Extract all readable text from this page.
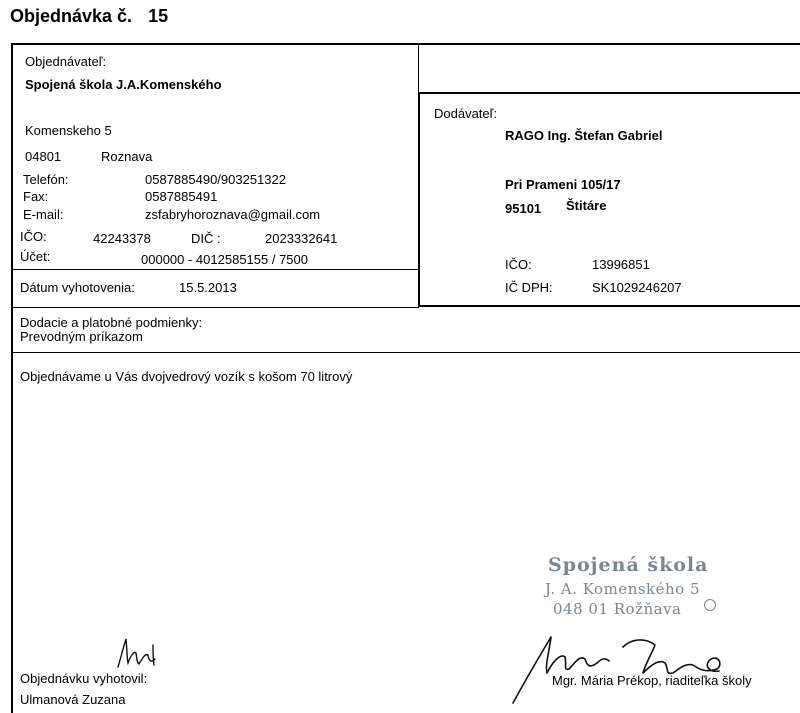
Objednávka č. 15
Objednávateľ:
Spojená škola J.A.Komenského
Komenskeho 5
04801	Roznava
Telefón:	0587885490/903251322
Fax:	0587885491
E-mail:	zsfabryhoroznava@gmail.com
IČO:	42243378	DIČ :	2023332641
Účet:	000000 - 4012585155 / 7500
Dátum vyhotovenia:	15.5.2013
Dodávateľ:
RAGO Ing. Štefan Gabriel
Pri Prameni 105/17
95101 Štitáre
IČO:	13996851
IČ DPH:	SK1029246207
Dodacie a platobné podmienky:
Prevodným príkazom
Objednávame u Vás dvojvedrový vozík s košom 70 litrový
Spojená škola
J. A. Komenského 5
048 01 Rožňava
Objednávku vyhotovil:
Ulmanová Zuzana
Mgr. Mária Prékop, riaditeľka školy
